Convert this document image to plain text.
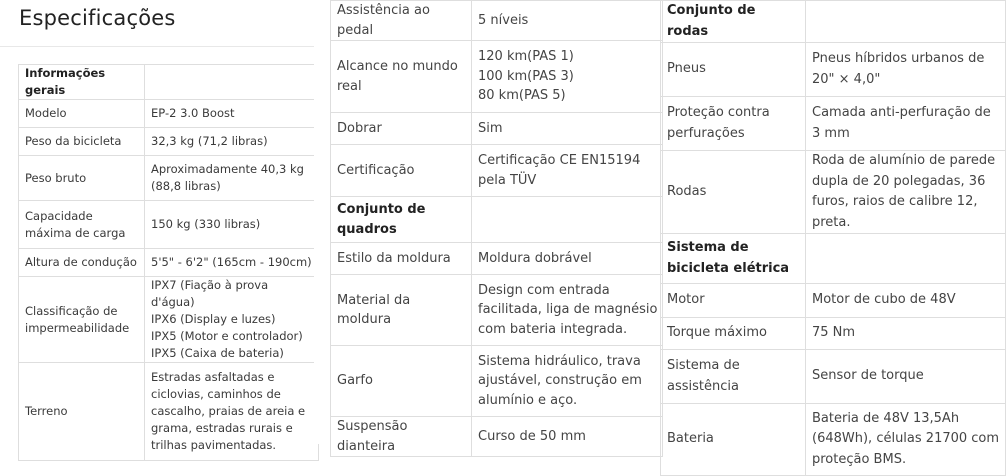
Especificações
Informações gerais	
Modelo	EP-2 3.0 Boost
Peso da bicicleta	32,3 kg (71,2 libras)
Peso bruto	Aproximadamente 40,3 kg
(88,8 libras)

Capacidade máxima de carga	150 kg (330 libras)
Altura de condução	5'5" - 6'2" (165cm - 190cm)
Classificação de impermeabilidade	IPX7 (Fiação à prova d'água)
IPX6 (Display e luzes)
IPX5 (Motor e controlador)
IPX5 (Caixa de bateria)

Terreno	Estradas asfaltadas e ciclovias, caminhos de cascalho, praias de areia e grama, estradas rurais e trilhas pavimentadas.
Assistência ao pedal	5 níveis
Alcance no mundo real	120 km(PAS 1)
100 km(PAS 3)
80 km(PAS 5)

Dobrar	Sim
Certificação	Certificação CE EN15194 pela TÜV
Conjunto de quadros	
Estilo da moldura	Moldura dobrável
Material da moldura	Design com entrada facilitada, liga de magnésio com bateria integrada.
Garfo	Sistema hidráulico, trava ajustável, construção em alumínio e aço.
Suspensão dianteira	Curso de 50 mm
Conjunto de rodas	
Pneus	Pneus híbridos urbanos de 20" × 4,0"
Proteção contra perfurações	Camada anti-perfuração de 3 mm
Rodas	Roda de alumínio de parede dupla de 20 polegadas, 36 furos, raios de calibre 12, preta.
Sistema de bicicleta elétrica	
Motor	Motor de cubo de 48V
Torque máximo	75 Nm
Sistema de assistência	Sensor de torque
Bateria	Bateria de 48V 13,5Ah (648Wh), células 21700 com proteção BMS.
